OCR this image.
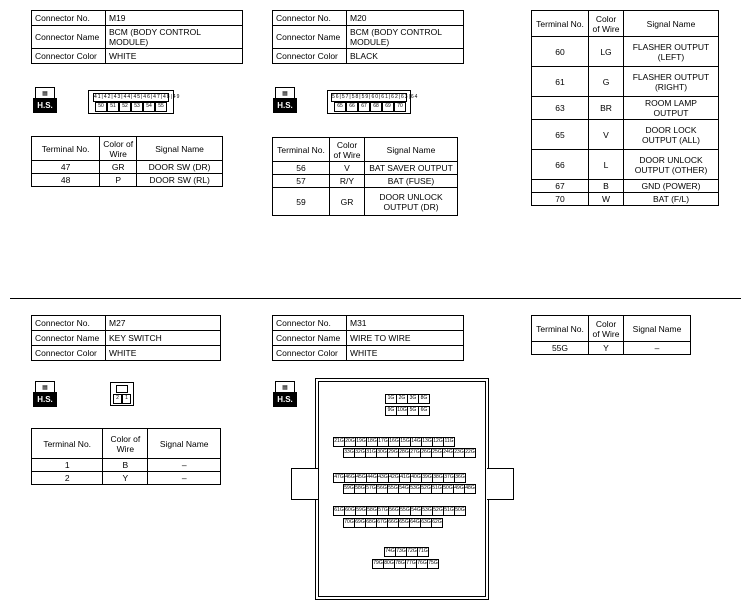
Connector No.	M19
Connector Name	BCM (BODY CONTROL MODULE)
Connector Color	WHITE
▦
H.S.
41|42|43|44|45|46|47|48|49
50	51	52	53	54	55
Terminal No.	Color of Wire	Signal Name
47	GR	DOOR SW (DR)
48	P	DOOR SW (RL)
Connector No.	M20
Connector Name	BCM (BODY CONTROL MODULE)
Connector Color	BLACK
▦
H.S.
56|57|58|59|60|61|62|63|64
65	66	67	68	69	70
Terminal No.	Color of Wire	Signal Name
56	V	BAT SAVER OUTPUT
57	R/Y	BAT (FUSE)
59	GR	DOOR UNLOCK OUTPUT (DR)
Terminal No.	Color of Wire	Signal Name
60	LG	FLASHER OUTPUT (LEFT)
61	G	FLASHER OUTPUT (RIGHT)
63	BR	ROOM LAMP OUTPUT
65	V	DOOR LOCK OUTPUT (ALL)
66	L	DOOR UNLOCK OUTPUT (OTHER)
67	B	GND (POWER)
70	W	BAT (F/L)
Connector No.	M27
Connector Name	KEY SWITCH
Connector Color	WHITE
▦
H.S.	2	1
Terminal No.	Color of Wire	Signal Name
1	B	–
2	Y	–
Connector No.	M31
Connector Name	WIRE TO WIRE
Connector Color	WHITE
▦
H.S.
Terminal No.	Color of Wire	Signal Name
55G	Y	–
1G 2G 3G 8G
9G 10G 5G 6G
21G 20G 19G 18G 17G 16G 15G 14G 13G 12G 11G
33G 32G 31G 30G 29G 28G 27G 26G 25G 24G 23G 22G
47G 46G 45G 44G 43G 42G 41G 40G 39G 38G 37G 36G
59G 58G 57G 56G 55G 54G 53G 52G 51G 50G 49G 48G
61G 60G 59G 58G 57G 56G 55G 54G 53G 52G 51G 50G
70G 69G 68G 67G 66G 65G 64G 63G 62G
74G 73G 72G 71G
79G 80G 78G 77G 76G 75G
